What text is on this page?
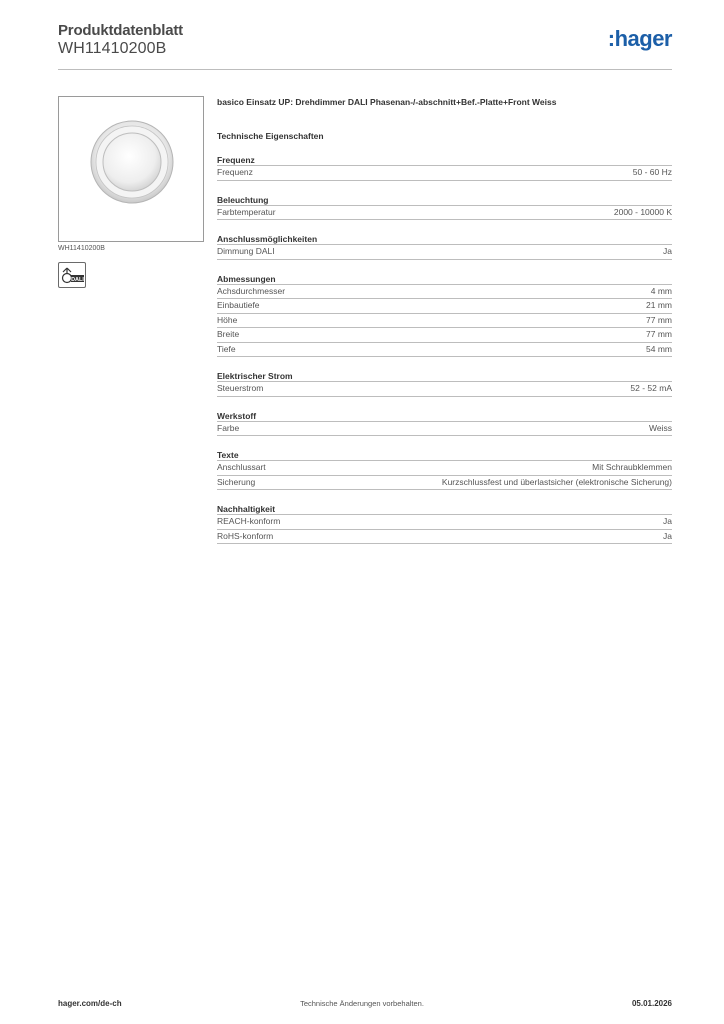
Produktdatenblatt
WH11410200B	:hager
WH11410200B
DALI
basico Einsatz UP: Drehdimmer DALI Phasenan-/-abschnitt+Bef.-Platte+Front Weiss
Technische Eigenschaften
Frequenz
Frequenz	50 - 60 Hz
Beleuchtung
Farbtemperatur	2000 - 10000 K
Anschlussmöglichkeiten
Dimmung DALI	Ja
Abmessungen
Achsdurchmesser	4 mm
Einbautiefe	21 mm
Höhe	77 mm
Breite	77 mm
Tiefe	54 mm
Elektrischer Strom
Steuerstrom	52 - 52 mA
Werkstoff
Farbe	Weiss
Texte
Anschlussart	Mit Schraubklemmen
Sicherung	Kurzschlussfest und überlastsicher (elektronische Sicherung)
Nachhaltigkeit
REACH-konform	Ja
RoHS-konform	Ja
hager.com/de-ch	Technische Änderungen vorbehalten.	05.01.2026
